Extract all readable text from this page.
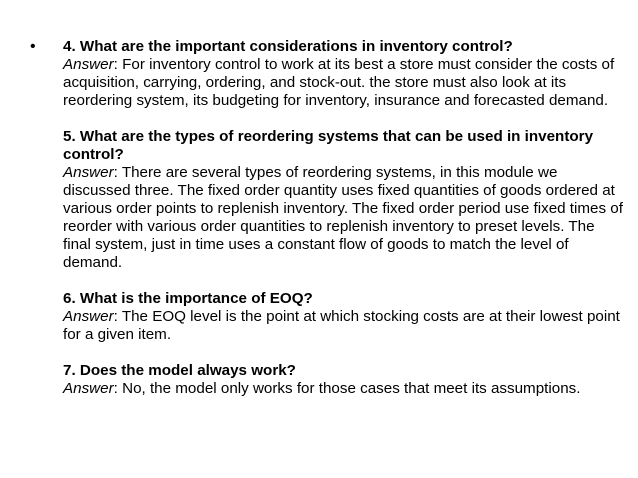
• 4. What are the important considerations in inventory control?
Answer: For inventory control to work at its best a store must consider the costs of acquisition, carrying, ordering, and stock-out. the store must also look at its reordering system, its budgeting for inventory, insurance and forecasted demand.
5. What are the types of reordering systems that can be used in inventory control?
Answer: There are several types of reordering systems, in this module we discussed three. The fixed order quantity uses fixed quantities of goods ordered at various order points to replenish inventory. The fixed order period use fixed times of reorder with various order quantities to replenish inventory to preset levels. The final system, just in time uses a constant flow of goods to match the level of demand.
6. What is the importance of EOQ?
Answer: The EOQ level is the point at which stocking costs are at their lowest point for a given item.
7. Does the model always work?
Answer: No, the model only works for those cases that meet its assumptions.
